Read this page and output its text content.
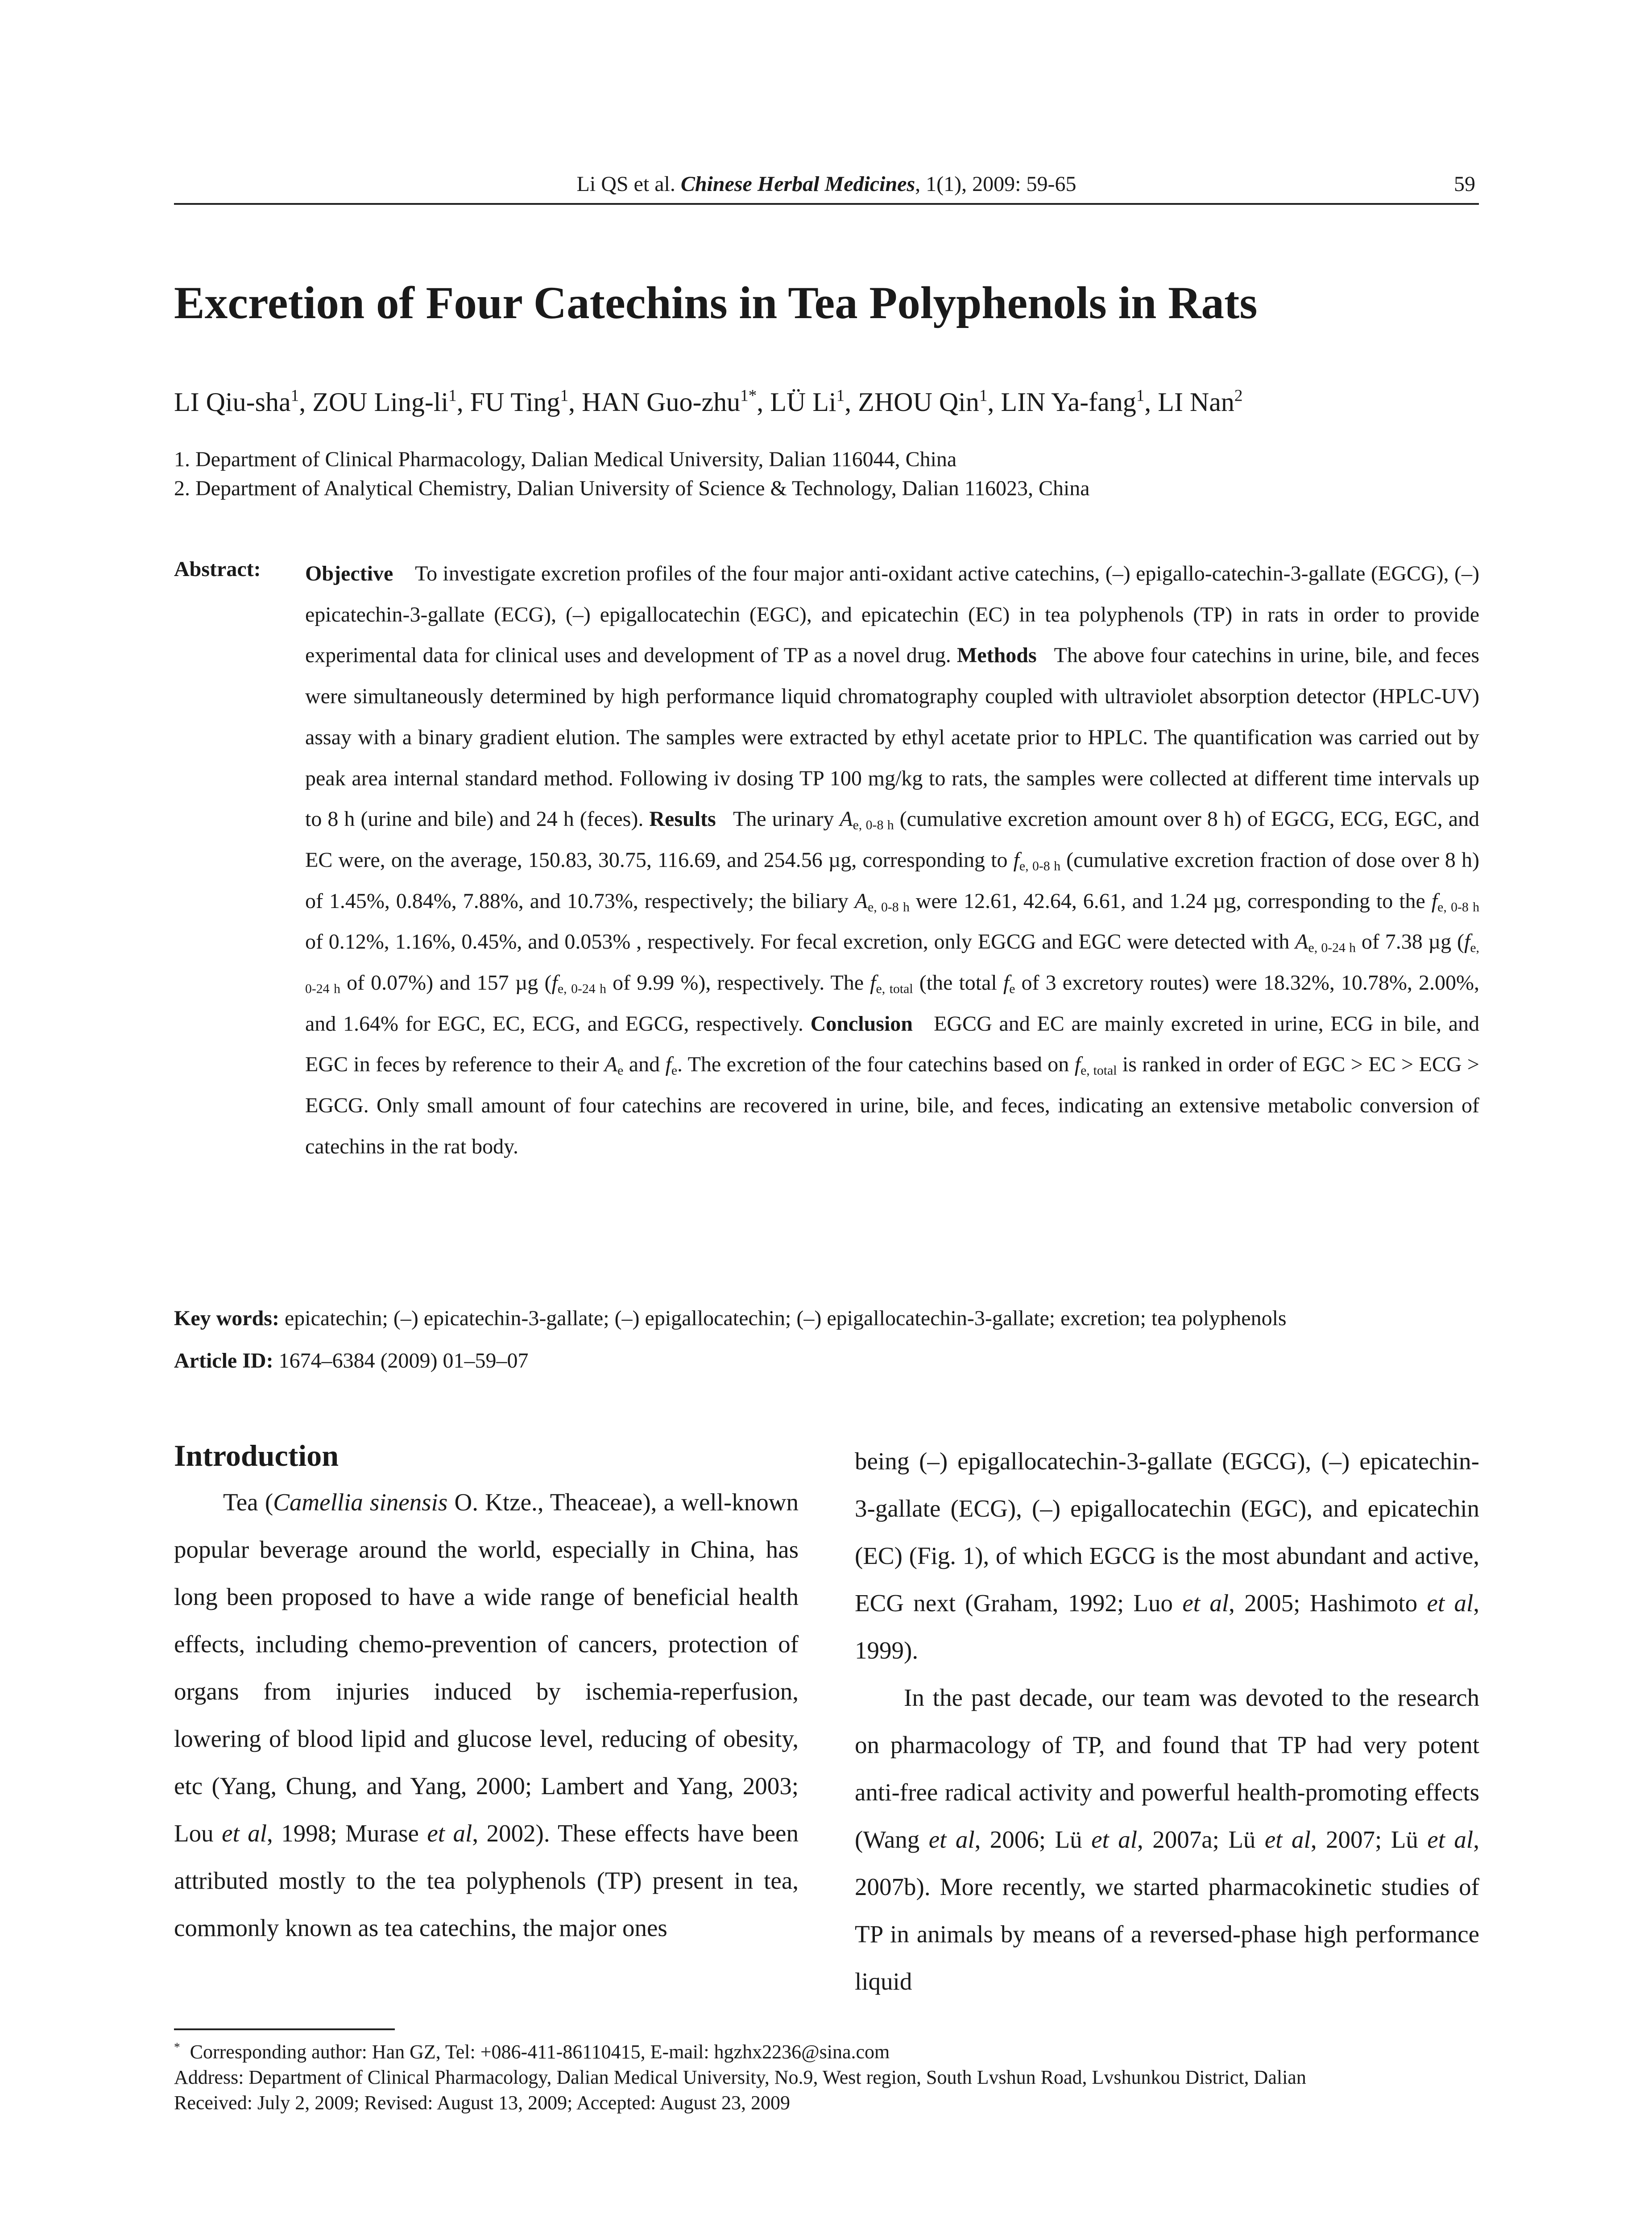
Li QS et al. Chinese Herbal Medicines, 1(1), 2009: 59-65	59
Excretion of Four Catechins in Tea Polyphenols in Rats
LI Qiu-sha$^1$, ZOU Ling-$li^1$, FU Ting$^1$, HAN Guo-zhu$^{1*}$, LÜ Li$^1$, ZHOU Qin$^1$, LIN Ya-fang$^1$, LI Nan$^2$
1. Department of Clinical Pharmacology, Dalian Medical University, Dalian 116044, China
2. Department of Analytical Chemistry, Dalian University of Science & Technology, Dalian 116023, China
Abstract: Objective To investigate excretion profiles of the four major anti-oxidant active catechins, (–) epigallo-catechin-3-gallate (EGCG), (–) epicatechin-3-gallate (ECG), (–) epigallocatechin (EGC), and epicatechin (EC) in tea polyphenols (TP) in rats in order to provide experimental data for clinical uses and development of TP as a novel drug. Methods The above four catechins in urine, bile, and feces were simultaneously determined by high performance liquid chromatography coupled with ultraviolet absorption detector (HPLC-UV) assay with a binary gradient elution. The samples were extracted by ethyl acetate prior to HPLC. The quantification was carried out by peak area internal standard method. Following iv dosing TP 100 mg/kg to rats, the samples were collected at different time intervals up to 8 h (urine and bile) and 24 h (feces). Results The urinary $A_{e, 0-8 h}$ (cumulative excretion amount over 8 h) of EGCG, ECG, EGC, and EC were, on the average, 150.83, 30.75, 116.69, and 254.56 µg, corresponding to $f_{e, 0-8 h}$ (cumulative excretion fraction of dose over 8 h) of 1.45%, 0.84%, 7.88%, and 10.73%, respectively; the biliary $A_{e, 0-8 h}$ were 12.61, 42.64, 6.61, and 1.24 µg, corresponding to the $f_{e, 0-8 h}$ of 0.12%, 1.16%, 0.45%, and 0.053% , respectively. For fecal excretion, only EGCG and EGC were detected with $A_{e, 0-24 h}$ of 7.38 µg ($f_{e, 0-24 h}$ of 0.07%) and 157 µg ($f_{e, 0-24 h}$ of 9.99 %), respectively. The $f_{e, total}$ (the total $f_e$ of 3 excretory routes) were 18.32%, 10.78%, 2.00%, and 1.64% for EGC, EC, ECG, and EGCG, respectively. Conclusion EGCG and EC are mainly excreted in urine, ECG in bile, and EGC in feces by reference to their $A_e$ and $f_e$. The excretion of the four catechins based on $f_{e, total}$ is ranked in order of EGC > EC > ECG > EGCG. Only small amount of four catechins are recovered in urine, bile, and feces, indicating an extensive metabolic conversion of catechins in the rat body.

Key words: epicatechin; (–) epicatechin-3-gallate; (–) epigallocatechin; (–) epigallocatechin-3-gallate; excretion; tea polyphenols
Article ID: 1674–6384 (2009) 01–59–07
Introduction
Tea (Camellia sinensis O. Ktze., Theaceae), a well-known popular beverage around the world, especially in China, has long been proposed to have a wide range of beneficial health effects, including chemo-prevention of cancers, protection of organs from injuries induced by ischemia-reperfusion, lowering of blood lipid and glucose level, reducing of obesity, etc (Yang, Chung, and Yang, 2000; Lambert and Yang, 2003; Lou et al, 1998; Murase et al, 2002). These effects have been attributed mostly to the tea polyphenols (TP) present in tea, commonly known as tea catechins, the major ones
being (–) epigallocatechin-3-gallate (EGCG), (–) epicatechin- 3-gallate (ECG), (–) epigallocatechin (EGC), and epicatechin (EC) (Fig. 1), of which EGCG is the most abundant and active, ECG next (Graham, 1992; Luo et al, 2005; Hashimoto et al, 1999).
In the past decade, our team was devoted to the research on pharmacology of TP, and found that TP had very potent anti-free radical activity and powerful health-promoting effects (Wang et al, 2006; Lü et al, 2007a; Lü et al, 2007; Lü et al, 2007b). More recently, we started pharmacokinetic studies of TP in animals by means of a reversed-phase high performance liquid
* Corresponding author: Han GZ, Tel: +086-411-86110415, E-mail: hgzhx2236@sina.com
Address: Department of Clinical Pharmacology, Dalian Medical University, No.9, West region, South Lvshun Road, Lvshunkou District, Dalian
Received: July 2, 2009; Revised: August 13, 2009; Accepted: August 23, 2009
